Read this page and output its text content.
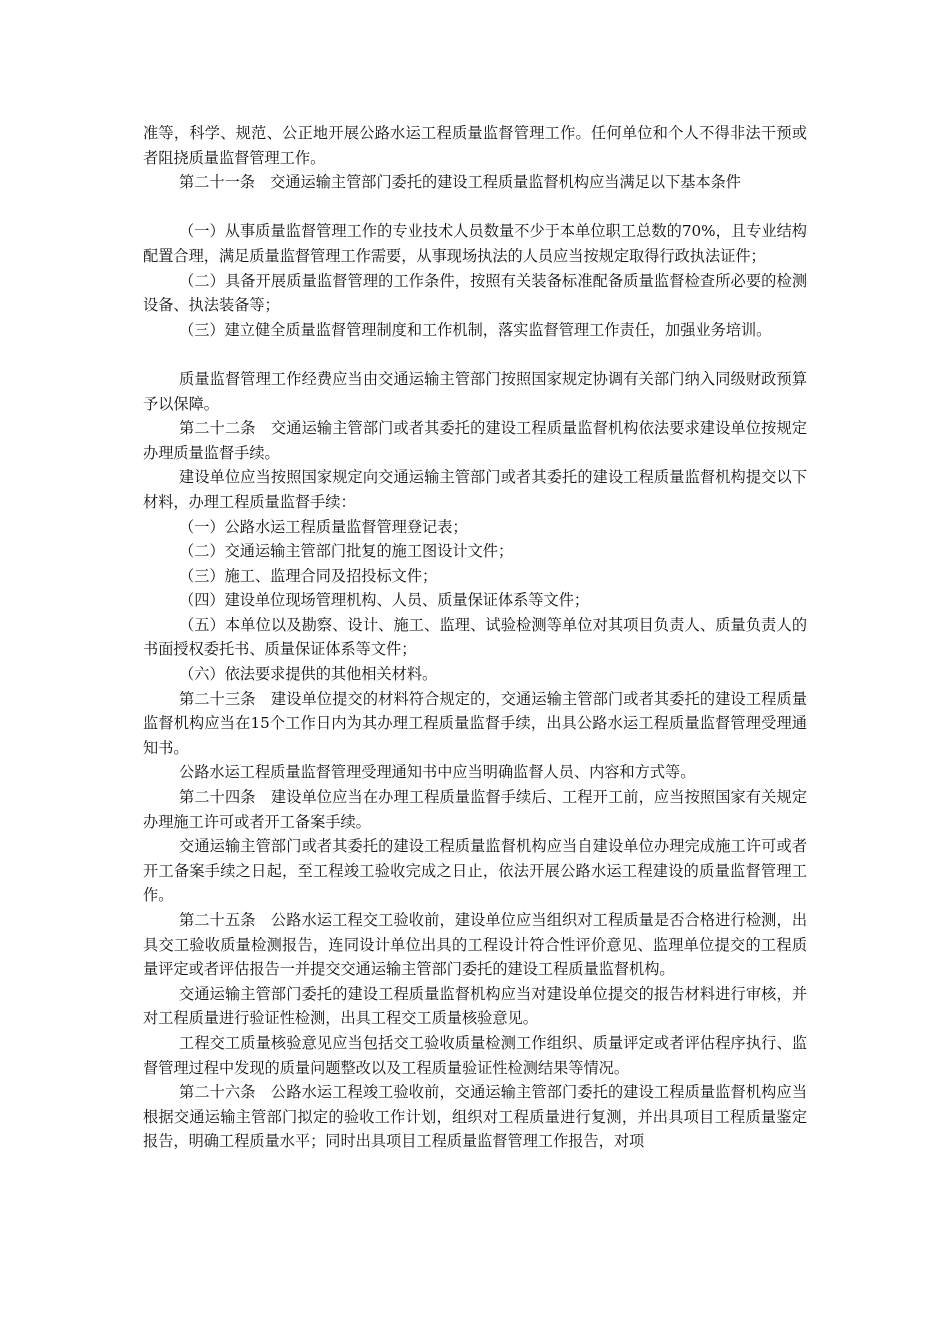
准等，科学、规范、公正地开展公路水运工程质量监督管理工作。任何单位和个人不得非法干预或者阻挠质量监督管理工作。

第二十一条　交通运输主管部门委托的建设工程质量监督机构应当满足以下基本条件

（一）从事质量监督管理工作的专业技术人员数量不少于本单位职工总数的70%，且专业结构配置合理，满足质量监督管理工作需要，从事现场执法的人员应当按规定取得行政执法证件；

（二）具备开展质量监督管理的工作条件，按照有关装备标准配备质量监督检查所必要的检测设备、执法装备等；

（三）建立健全质量监督管理制度和工作机制，落实监督管理工作责任，加强业务培训。

质量监督管理工作经费应当由交通运输主管部门按照国家规定协调有关部门纳入同级财政预算予以保障。

第二十二条　交通运输主管部门或者其委托的建设工程质量监督机构依法要求建设单位按规定办理质量监督手续。

建设单位应当按照国家规定向交通运输主管部门或者其委托的建设工程质量监督机构提交以下材料，办理工程质量监督手续：

（一）公路水运工程质量监督管理登记表；

（二）交通运输主管部门批复的施工图设计文件；

（三）施工、监理合同及招投标文件；

（四）建设单位现场管理机构、人员、质量保证体系等文件；

（五）本单位以及勘察、设计、施工、监理、试验检测等单位对其项目负责人、质量负责人的书面授权委托书、质量保证体系等文件；

（六）依法要求提供的其他相关材料。

第二十三条　建设单位提交的材料符合规定的，交通运输主管部门或者其委托的建设工程质量监督机构应当在15个工作日内为其办理工程质量监督手续，出具公路水运工程质量监督管理受理通知书。

公路水运工程质量监督管理受理通知书中应当明确监督人员、内容和方式等。

第二十四条　建设单位应当在办理工程质量监督手续后、工程开工前，应当按照国家有关规定办理施工许可或者开工备案手续。

交通运输主管部门或者其委托的建设工程质量监督机构应当自建设单位办理完成施工许可或者开工备案手续之日起，至工程竣工验收完成之日止，依法开展公路水运工程建设的质量监督管理工作。

第二十五条　公路水运工程交工验收前，建设单位应当组织对工程质量是否合格进行检测，出具交工验收质量检测报告，连同设计单位出具的工程设计符合性评价意见、监理单位提交的工程质量评定或者评估报告一并提交交通运输主管部门委托的建设工程质量监督机构。

交通运输主管部门委托的建设工程质量监督机构应当对建设单位提交的报告材料进行审核，并对工程质量进行验证性检测，出具工程交工质量核验意见。

工程交工质量核验意见应当包括交工验收质量检测工作组织、质量评定或者评估程序执行、监督管理过程中发现的质量问题整改以及工程质量验证性检测结果等情况。

第二十六条　公路水运工程竣工验收前，交通运输主管部门委托的建设工程质量监督机构应当根据交通运输主管部门拟定的验收工作计划，组织对工程质量进行复测，并出具项目工程质量鉴定报告，明确工程质量水平；同时出具项目工程质量监督管理工作报告，对项
